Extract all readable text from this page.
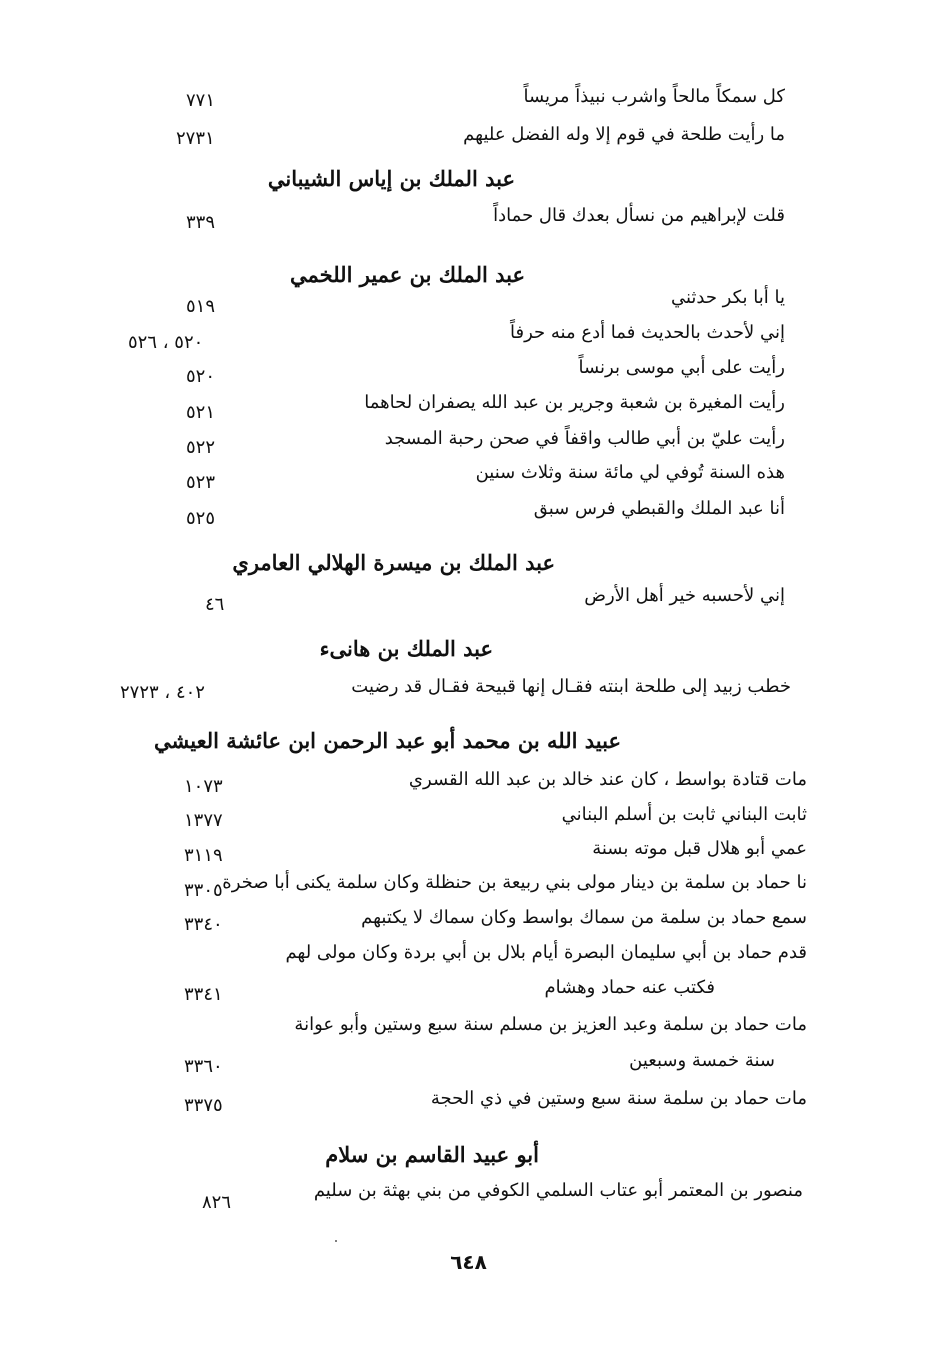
كل سمكاً مالحاً واشرب نبيذاً مريساً
٧٧١
ما رأيت طلحة في قوم إلا وله الفضل عليهم
٢٧٣١
عبد الملك بن إياس الشيباني
قلت لإبراهيم من نسأل بعدك قال حماداً
٣٣٩
عبد الملك بن عمير اللخمي
يا أبا بكر حدثني
٥١٩
إني لأحدث بالحديث فما أدع منه حرفاً
٥٢٠ ، ٥٢٦
رأيت على أبي موسى برنساً
٥٢٠
رأيت المغيرة بن شعبة وجرير بن عبد الله يصفران لحاهما
٥٢١
رأيت عليّ بن أبي طالب واقفاً في صحن رحبة المسجد
٥٢٢
هذه السنة تُوفي لي مائة سنة وثلاث سنين
٥٢٣
أنا عبد الملك والقبطي فرس سبق
٥٢٥
عبد الملك بن ميسرة الهلالي العامري
إني لأحسبه خير أهل الأرض
٤٦
عبد الملك بن هانىء
خطب زبيد إلى طلحة ابنته فقـال إنها قبيحة فقـال قد رضيت
٤٠٢ ، ٢٧٢٣
عبيد الله بن محمد أبو عبد الرحمن ابن عائشة العيشي
مات قتادة بواسط ، كان عند خالد بن عبد الله القسري
١٠٧٣
ثابت البناني ثابت بن أسلم البناني
١٣٧٧
عمي أبو هلال قبل موته بسنة
٣١١٩
نا حماد بن سلمة بن دينار مولى بني ربيعة بن حنظلة وكان سلمة يكنى أبا صخرة
٣٣٠٥
سمع حماد بن سلمة من سماك بواسط وكان سماك لا يكتبهم
٣٣٤٠
قدم حماد بن أبي سليمان البصرة أيام بلال بن أبي بردة وكان مولى لهم
فكتب عنه حماد وهشام
٣٣٤١
مات حماد بن سلمة وعبد العزيز بن مسلم سنة سبع وستين وأبو عوانة
سنة خمسة وسبعين
٣٣٦٠
مات حماد بن سلمة سنة سبع وستين في ذي الحجة
٣٣٧٥
أبو عبيد القاسم بن سلام
منصور بن المعتمر أبو عتاب السلمي الكوفي من بني بهثة بن سليم
٨٢٦
٦٤٨
